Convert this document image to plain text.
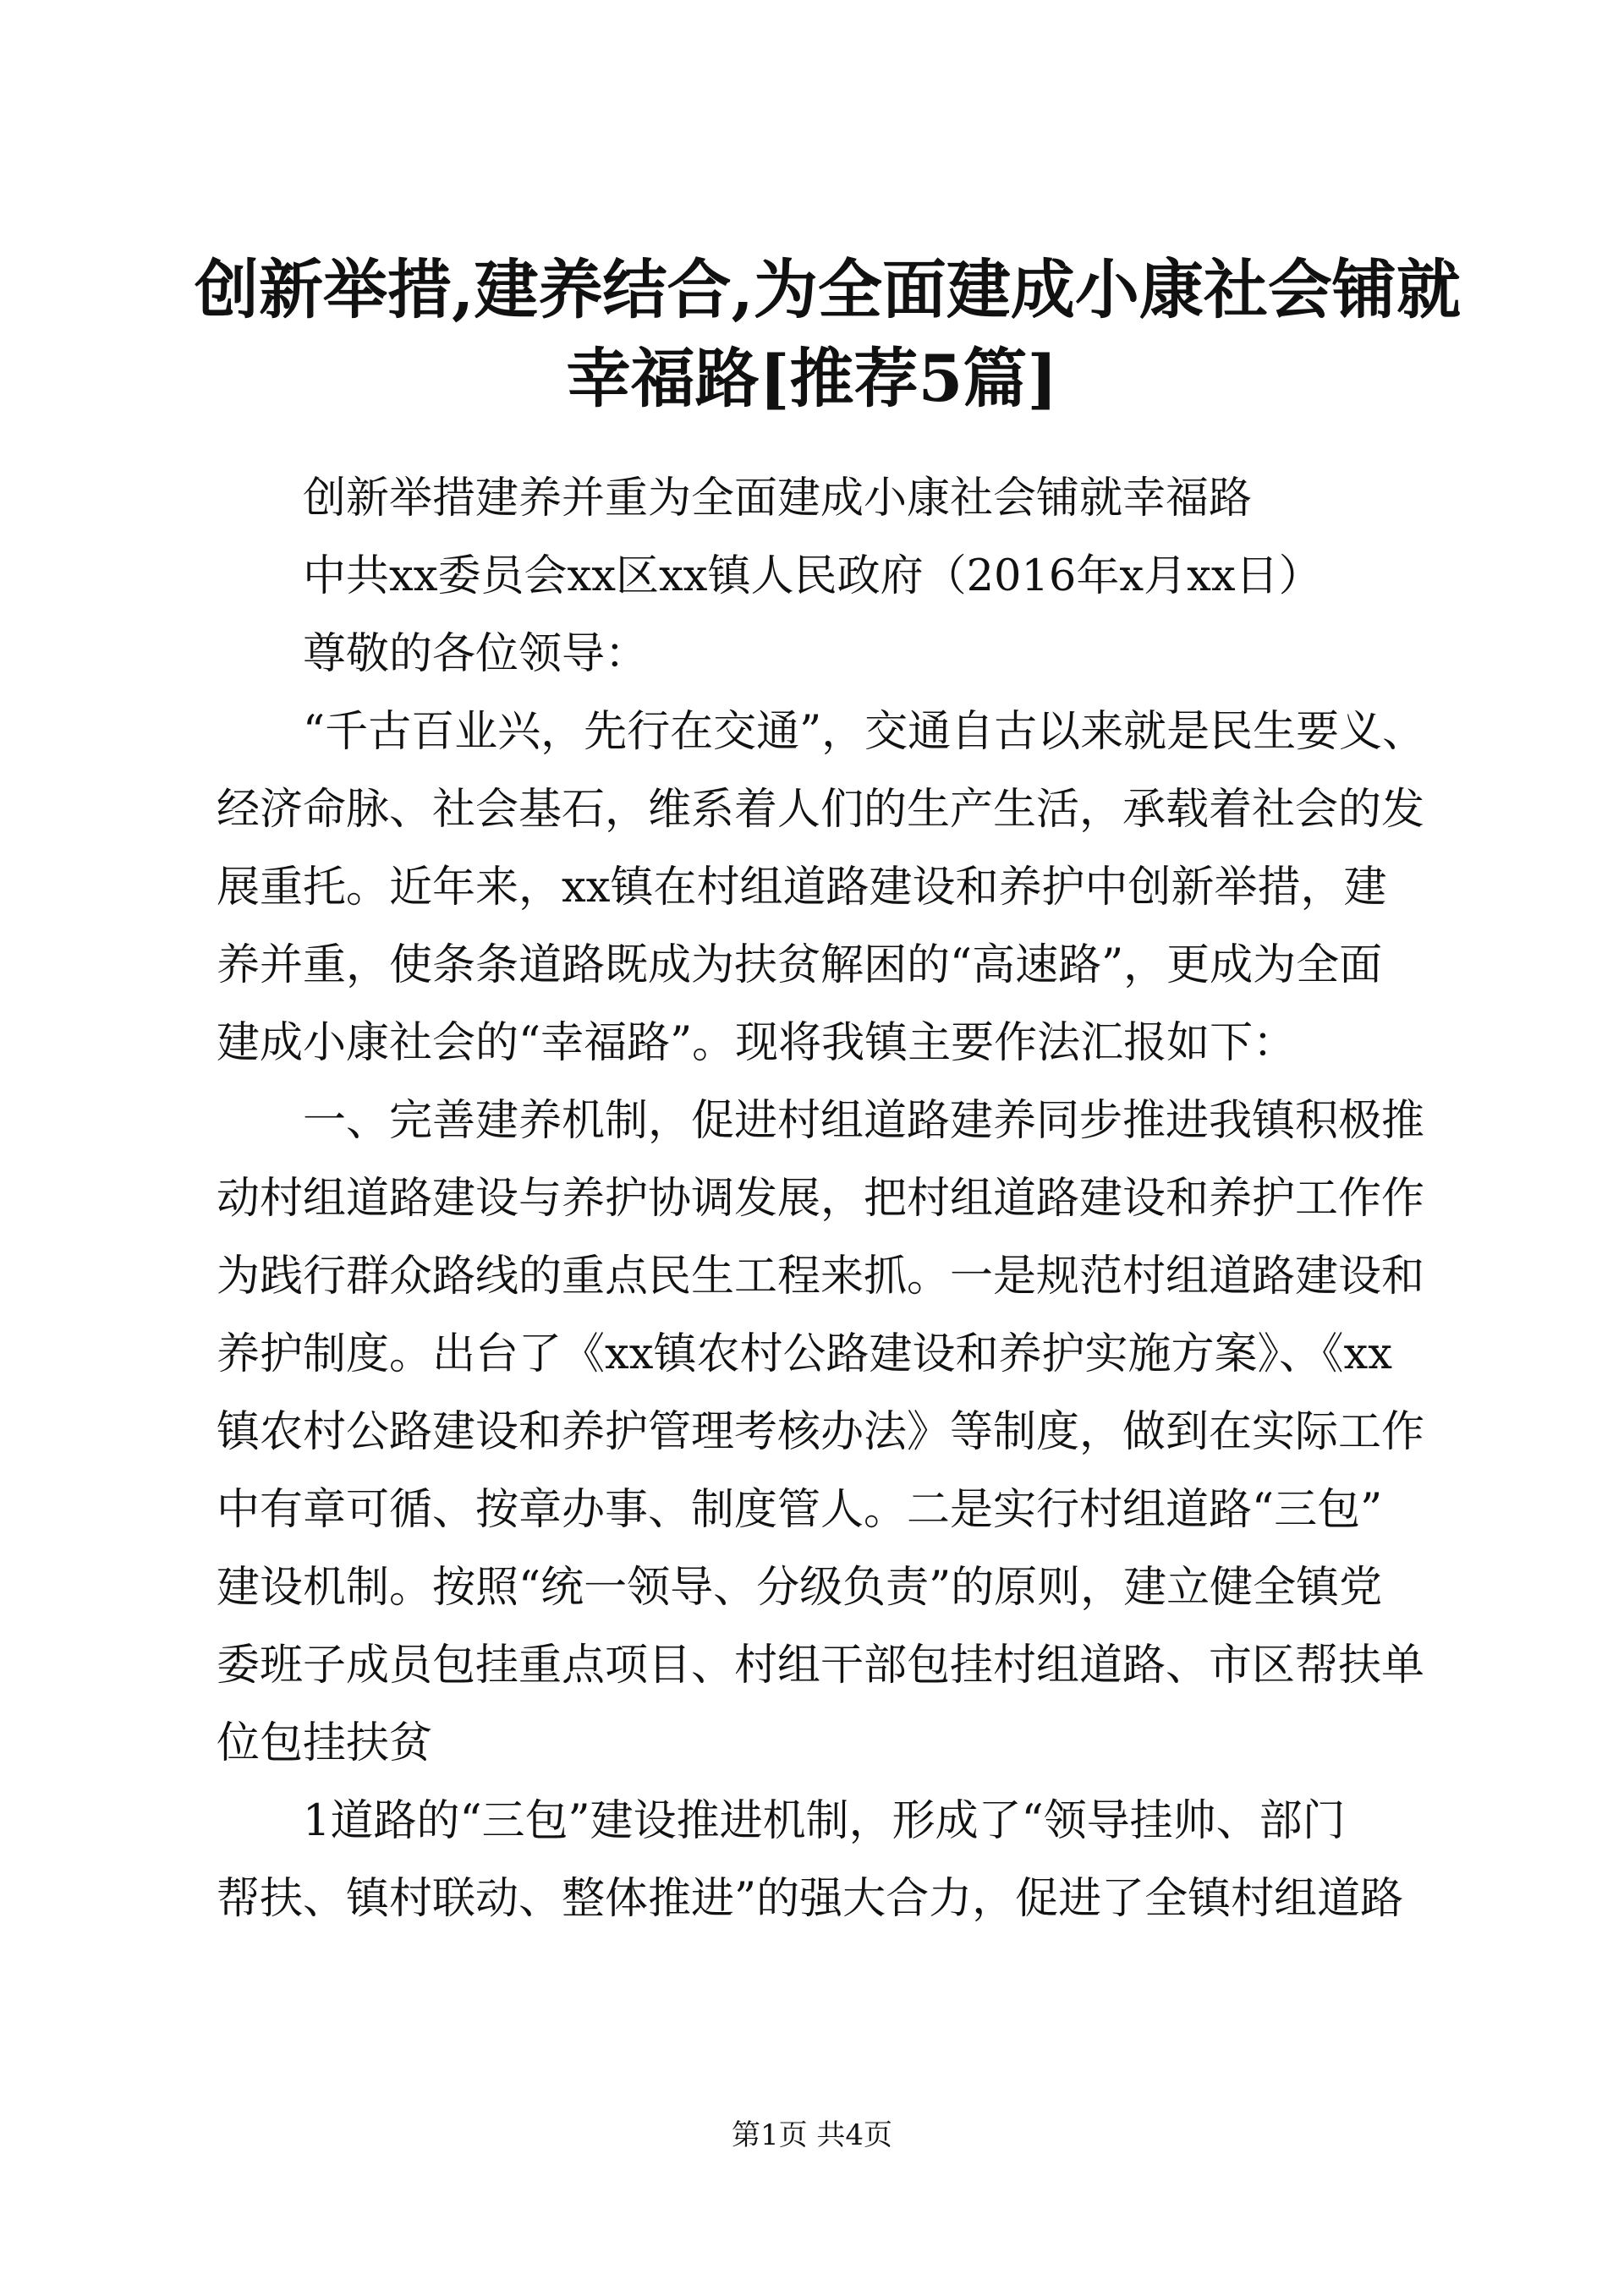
创新举措,建养结合,为全面建成小康社会铺就
幸福路[推荐5篇]

创新举措建养并重为全面建成小康社会铺就幸福路

中共xx委员会xx区xx镇人民政府（2016年x月xx日）

尊敬的各位领导：

“千古百业兴，先行在交通”，交通自古以来就是民生要义、

经济命脉、社会基石，维系着人们的生产生活，承载着社会的发

展重托。近年来，xx镇在村组道路建设和养护中创新举措，建

养并重，使条条道路既成为扶贫解困的“高速路”，更成为全面

建成小康社会的“幸福路”。现将我镇主要作法汇报如下：

一、完善建养机制，促进村组道路建养同步推进我镇积极推

动村组道路建设与养护协调发展，把村组道路建设和养护工作作

为践行群众路线的重点民生工程来抓。一是规范村组道路建设和

养护制度。出台了《xx镇农村公路建设和养护实施方案》、《xx

镇农村公路建设和养护管理考核办法》等制度，做到在实际工作

中有章可循、按章办事、制度管人。二是实行村组道路“三包”

建设机制。按照“统一领导、分级负责”的原则，建立健全镇党

委班子成员包挂重点项目、村组干部包挂村组道路、市区帮扶单

位包挂扶贫

1道路的“三包”建设推进机制，形成了“领导挂帅、部门

帮扶、镇村联动、整体推进”的强大合力，促进了全镇村组道路

第1页 共4页
